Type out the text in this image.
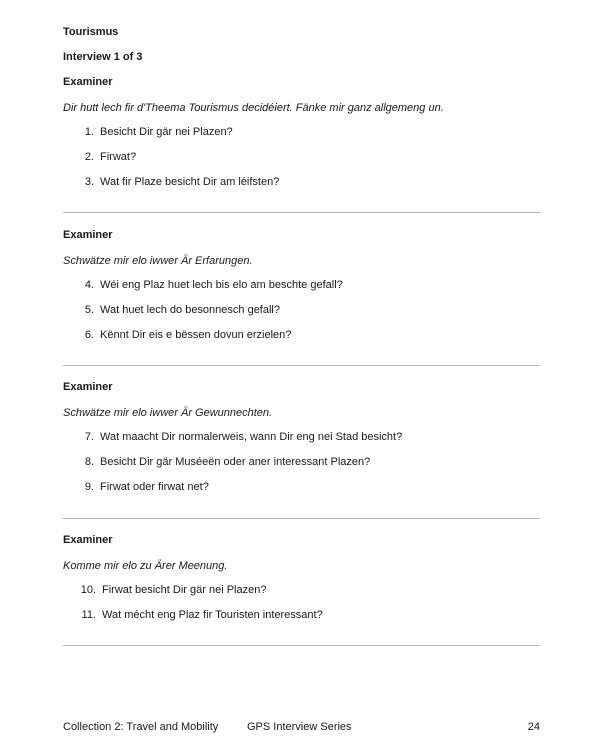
Tourismus
Interview 1 of 3
Examiner
Dir hutt lech fir d'Theema Tourismus decidéiert. Fänke mir ganz allgemeng un.
1. Besicht Dir gär nei Plazen?
2. Firwat?
3. Wat fir Plaze besicht Dir am léifsten?
Examiner
Schwätze mir elo iwwer Är Erfarungen.
4. Wéi eng Plaz huet lech bis elo am beschte gefall?
5. Wat huet lech do besonnesch gefall?
6. Kënnt Dir eis e bëssen dovun erzielen?
Examiner
Schwätze mir elo iwwer Är Gewunnechten.
7. Wat maacht Dir normalerweis, wann Dir eng nei Stad besicht?
8. Besicht Dir gär Muséeën oder aner interessant Plazen?
9. Firwat oder firwat net?
Examiner
Komme mir elo zu Ärer Meenung.
10. Firwat besicht Dir gär nei Plazen?
11. Wat mécht eng Plaz fir Touristen interessant?
Collection 2: Travel and Mobility	GPS Interview Series	24
